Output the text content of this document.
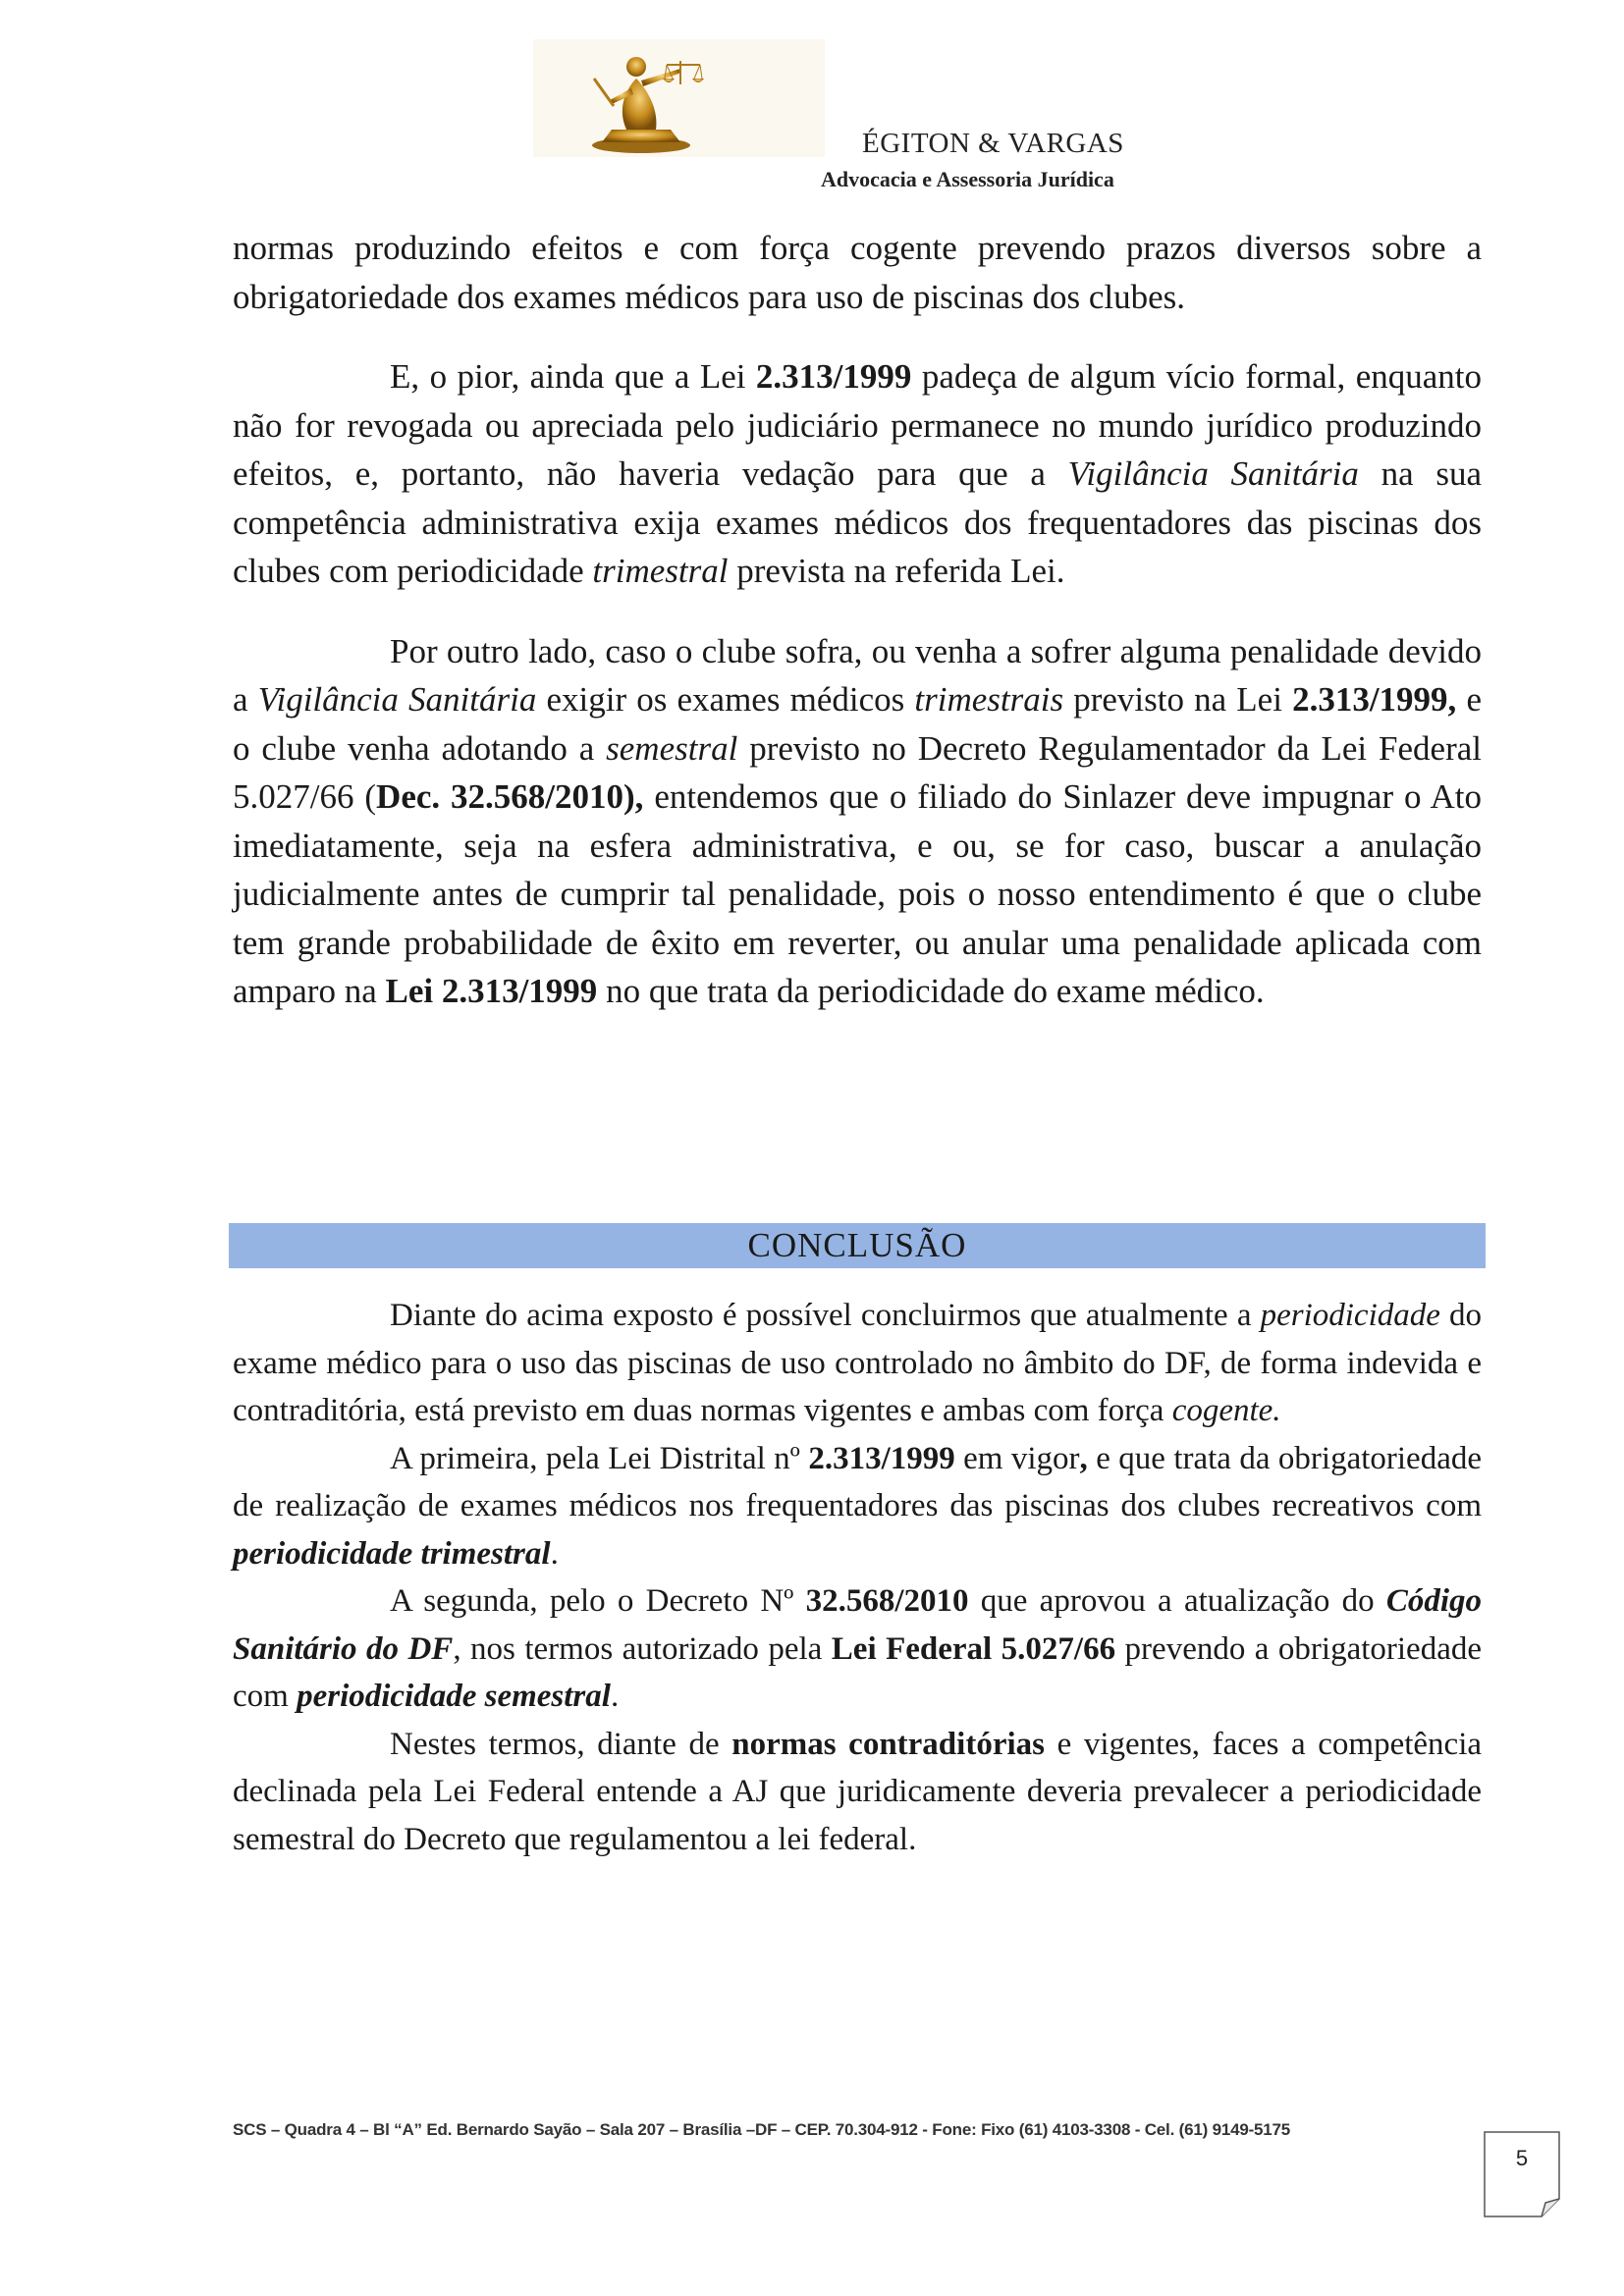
ÉGITON & VARGAS
Advocacia e Assessoria Jurídica

normas produzindo efeitos e com força cogente prevendo prazos diversos sobre a obrigatoriedade dos exames médicos para uso de piscinas dos clubes.

E, o pior, ainda que a Lei 2.313/1999 padeça de algum vício formal, enquanto não for revogada ou apreciada pelo judiciário permanece no mundo jurídico produzindo efeitos, e, portanto, não haveria vedação para que a Vigilância Sanitária na sua competência administrativa exija exames médicos dos frequentadores das piscinas dos clubes com periodicidade trimestral prevista na referida Lei.

Por outro lado, caso o clube sofra, ou venha a sofrer alguma penalidade devido a Vigilância Sanitária exigir os exames médicos trimestrais previsto na Lei 2.313/1999, e o clube venha adotando a semestral previsto no Decreto Regulamentador da Lei Federal 5.027/66 (Dec. 32.568/2010), entendemos que o filiado do Sinlazer deve impugnar o Ato imediatamente, seja na esfera administrativa, e ou, se for caso, buscar a anulação judicialmente antes de cumprir tal penalidade, pois o nosso entendimento é que o clube tem grande probabilidade de êxito em reverter, ou anular uma penalidade aplicada com amparo na Lei 2.313/1999 no que trata da periodicidade do exame médico.

CONCLUSÃO

Diante do acima exposto é possível concluirmos que atualmente a periodicidade do exame médico para o uso das piscinas de uso controlado no âmbito do DF, de forma indevida e contraditória, está previsto em duas normas vigentes e ambas com força cogente.

A primeira, pela Lei Distrital nº 2.313/1999 em vigor, e que trata da obrigatoriedade de realização de exames médicos nos frequentadores das piscinas dos clubes recreativos com periodicidade trimestral.

A segunda, pelo o Decreto Nº 32.568/2010 que aprovou a atualização do Código Sanitário do DF, nos termos autorizado pela Lei Federal 5.027/66 prevendo a obrigatoriedade com periodicidade semestral.

Nestes termos, diante de normas contraditórias e vigentes, faces a competência declinada pela Lei Federal entende a AJ que juridicamente deveria prevalecer a periodicidade semestral do Decreto que regulamentou a lei federal.

SCS – Quadra 4 – Bl “A” Ed. Bernardo Sayão – Sala 207 – Brasília –DF – CEP. 70.304-912 - Fone: Fixo (61) 4103-3308 - Cel. (61) 9149-5175
5
